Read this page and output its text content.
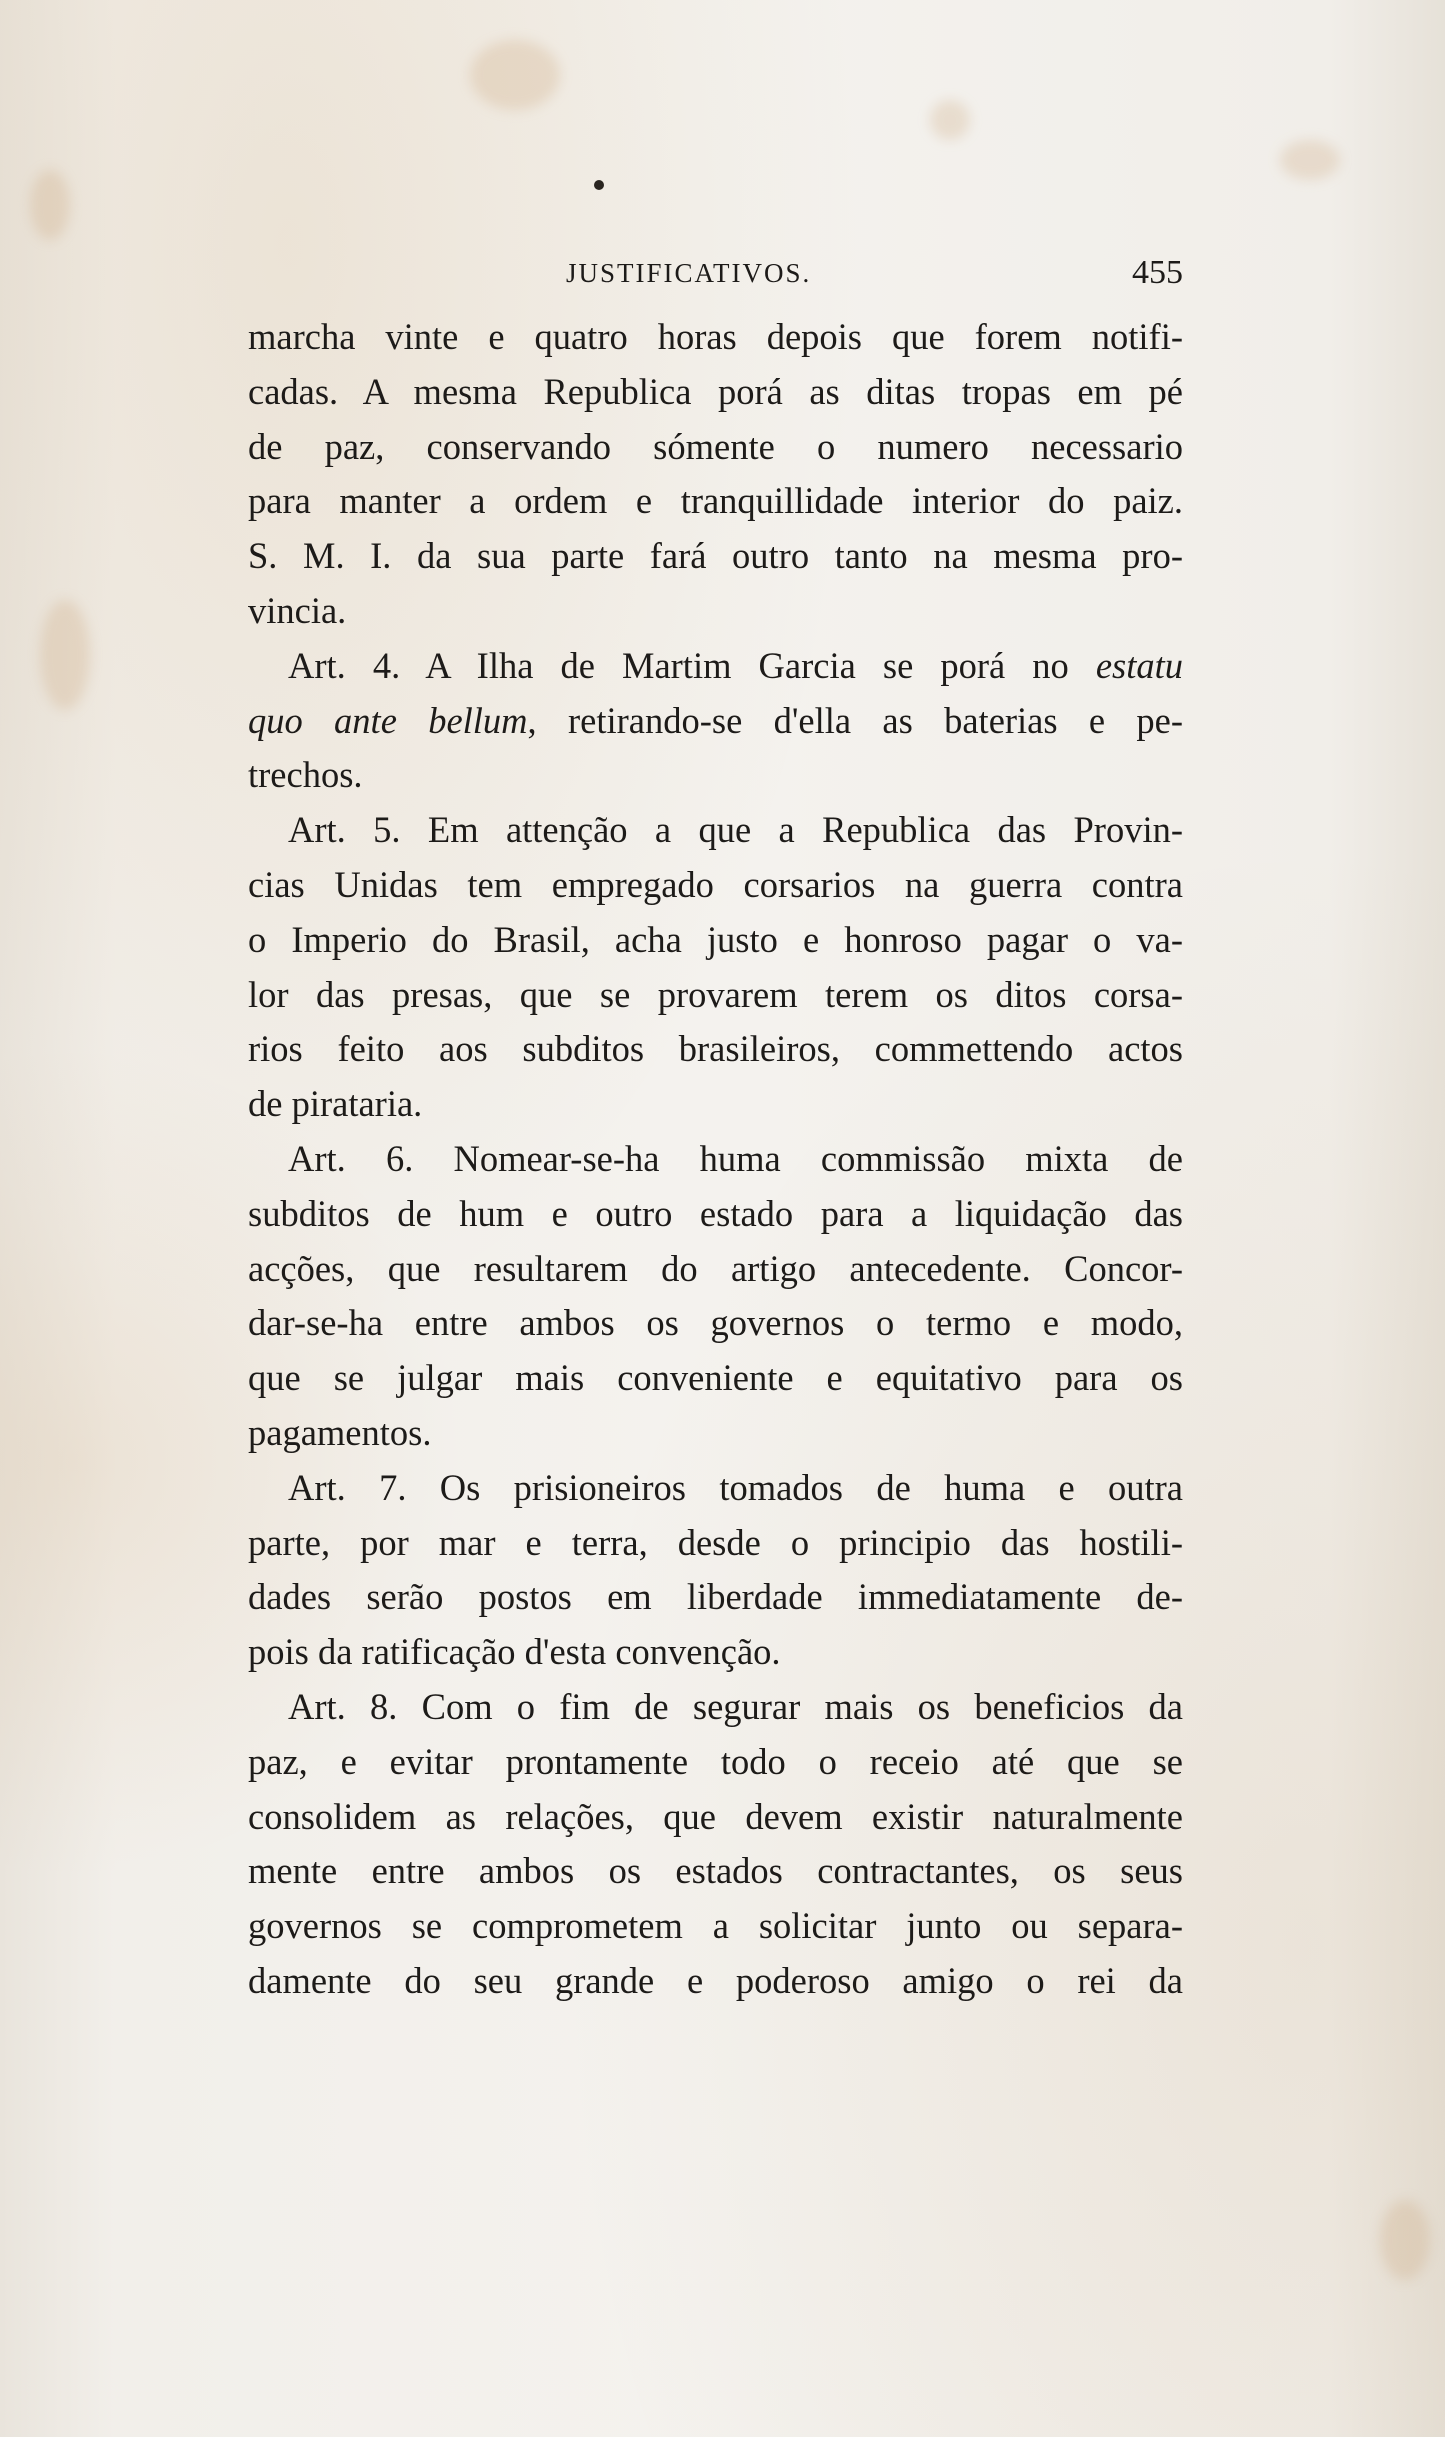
JUSTIFICATIVOS.	455
marcha vinte e quatro horas depois que forem notifi-
cadas. A mesma Republica porá as ditas tropas em pé
de paz, conservando sómente o numero necessario
para manter a ordem e tranquillidade interior do paiz.
S. M. I. da sua parte fará outro tanto na mesma pro-
vincia.
Art. 4. A Ilha de Martim Garcia se porá no estatu
quo ante bellum, retirando-se d'ella as baterias e pe-
trechos.
Art. 5. Em attenção a que a Republica das Provin-
cias Unidas tem empregado corsarios na guerra contra
o Imperio do Brasil, acha justo e honroso pagar o va-
lor das presas, que se provarem terem os ditos corsa-
rios feito aos subditos brasileiros, commettendo actos
de pirataria.
Art. 6. Nomear-se-ha huma commissão mixta de
subditos de hum e outro estado para a liquidação das
acções, que resultarem do artigo antecedente. Concor-
dar-se-ha entre ambos os governos o termo e modo,
que se julgar mais conveniente e equitativo para os
pagamentos.
Art. 7. Os prisioneiros tomados de huma e outra
parte, por mar e terra, desde o principio das hostili-
dades serão postos em liberdade immediatamente de-
pois da ratificação d'esta convenção.
Art. 8. Com o fim de segurar mais os beneficios da
paz, e evitar prontamente todo o receio até que se
consolidem as relações, que devem existir naturalmente
mente entre ambos os estados contractantes, os seus
governos se comprometem a solicitar junto ou separa-
damente do seu grande e poderoso amigo o rei da
